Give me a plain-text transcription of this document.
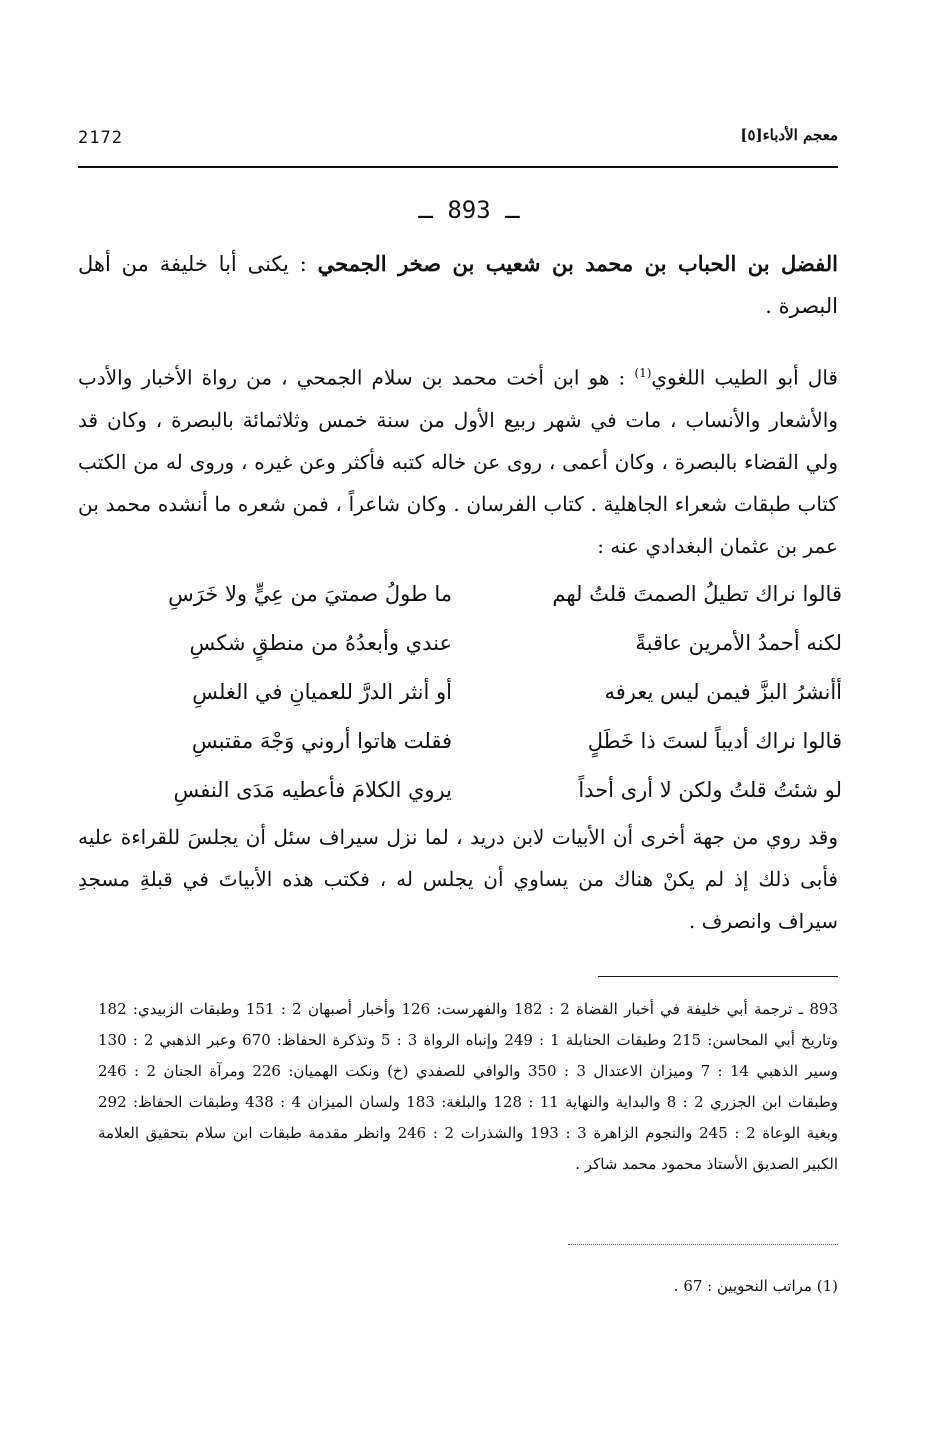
معجم الأدباء[٥]
2172
ـ 893 ـ
الفضل بن الحباب بن محمد بن شعيب بن صخر الجمحي : يكنى أبا خليفة من أهل البصرة .
قال أبو الطيب اللغوي$^{(1)}$ : هو ابن أخت محمد بن سلام الجمحي ، من رواة الأخبار والأدب والأشعار والأنساب ، مات في شهر ربيع الأول من سنة خمس وثلاثمائة بالبصرة ، وكان قد ولي القضاء بالبصرة ، وكان أعمى ، روى عن خاله كتبه فأكثر وعن غيره ، وروى له من الكتب كتاب طبقات شعراء الجاهلية . كتاب الفرسان . وكان شاعراً ، فمن شعره ما أنشده محمد بن عمر بن عثمان البغدادي عنه :
قالوا نراك تطيلُ الصمتَ قلتُ لهم
ما طولُ صمتيَ من عِيٍّ ولا خَرَسِ
لكنه أحمدُ الأمرين عاقبةً
عندي وأبعدُهُ من منطقٍ شكسِ
أأنشرُ البزَّ فيمن ليس يعرفه
أو أنثر الدرَّ للعميانِ في الغلسِ
قالوا نراك أديباً لستَ ذا خَطَلٍ
فقلت هاتوا أروني وَجْهَ مقتبسِ
لو شئتُ قلتُ ولكن لا أرى أحداً
يروي الكلامَ فأعطيه مَدَى النفسِ
وقد روي من جهة أخرى أن الأبيات لابن دريد ، لما نزل سيراف سئل أن يجلسَ للقراءة عليه فأبى ذلك إذ لم يكنْ هناك من يساوي أن يجلس له ، فكتب هذه الأبياتَ في قبلةِ مسجدِ سيراف وانصرف .
893 ـ ترجمة أبي خليفة في أخبار القضاة 2 : 182 والفهرست: 126 وأخبار أصبهان 2 : 151 وطبقات الزبيدي: 182 وتاريخ أبي المحاسن: 215 وطبقات الحنابلة 1 : 249 وإنباه الرواة 3 : 5 وتذكرة الحفاظ: 670 وعبر الذهبي 2 : 130 وسير الذهبي 14 : 7 وميزان الاعتدال 3 : 350 والوافي للصفدي (خ) ونكت الهميان: 226 ومرآة الجنان 2 : 246 وطبقات ابن الجزري 2 : 8 والبداية والنهاية 11 : 128 والبلغة: 183 ولسان الميزان 4 : 438 وطبقات الحفاظ: 292 وبغية الوعاة 2 : 245 والنجوم الزاهرة 3 : 193 والشذرات 2 : 246 وانظر مقدمة طبقات ابن سلام بتحقيق العلامة الكبير الصديق الأستاذ محمود محمد شاكر .
(1) مراتب النحويين : 67 .
